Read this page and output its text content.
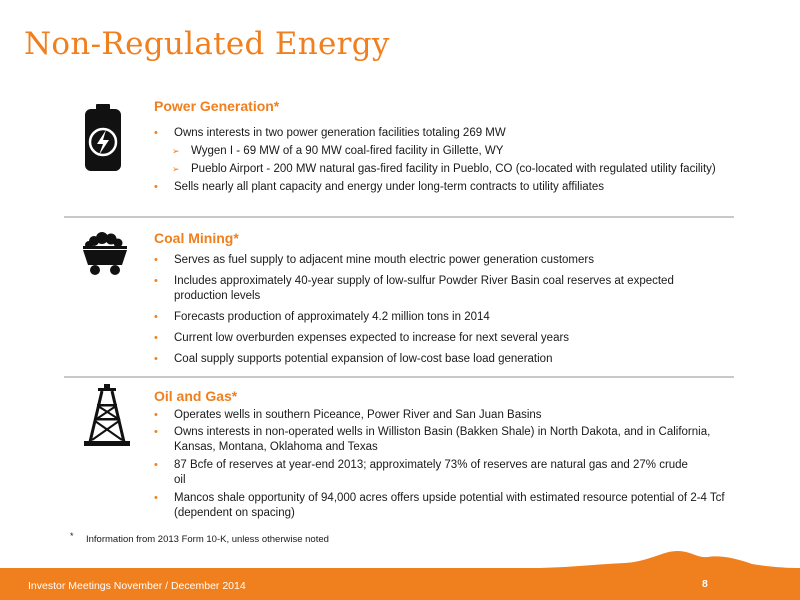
Non-Regulated Energy
Power Generation*
• Owns interests in two power generation facilities totaling 269 MW
➢ Wygen I - 69 MW of a 90 MW coal-fired facility in Gillette, WY
➢ Pueblo Airport - 200 MW natural gas-fired facility in Pueblo, CO (co-located with regulated utility facility)
• Sells nearly all plant capacity and energy under long-term contracts to utility affiliates
Coal Mining*
• Serves as fuel supply to adjacent mine mouth electric power generation customers
• Includes approximately 40-year supply of low-sulfur Powder River Basin coal reserves at expected production levels
• Forecasts production of approximately 4.2 million tons in 2014
• Current low overburden expenses expected to increase for next several years
• Coal supply supports potential expansion of low-cost base load generation
Oil and Gas*
• Operates wells in southern Piceance, Power River and San Juan Basins
• Owns interests in non-operated wells in Williston Basin (Bakken Shale) in North Dakota, and in California, Kansas, Montana, Oklahoma and Texas
• 87 Bcfe of reserves at year-end 2013; approximately 73% of reserves are natural gas and 27% crude oil
• Mancos shale opportunity of 94,000 acres offers upside potential with estimated resource potential of 2-4 Tcf (dependent on spacing)
* Information from 2013 Form 10-K, unless otherwise noted
Investor Meetings November / December 2014	8
